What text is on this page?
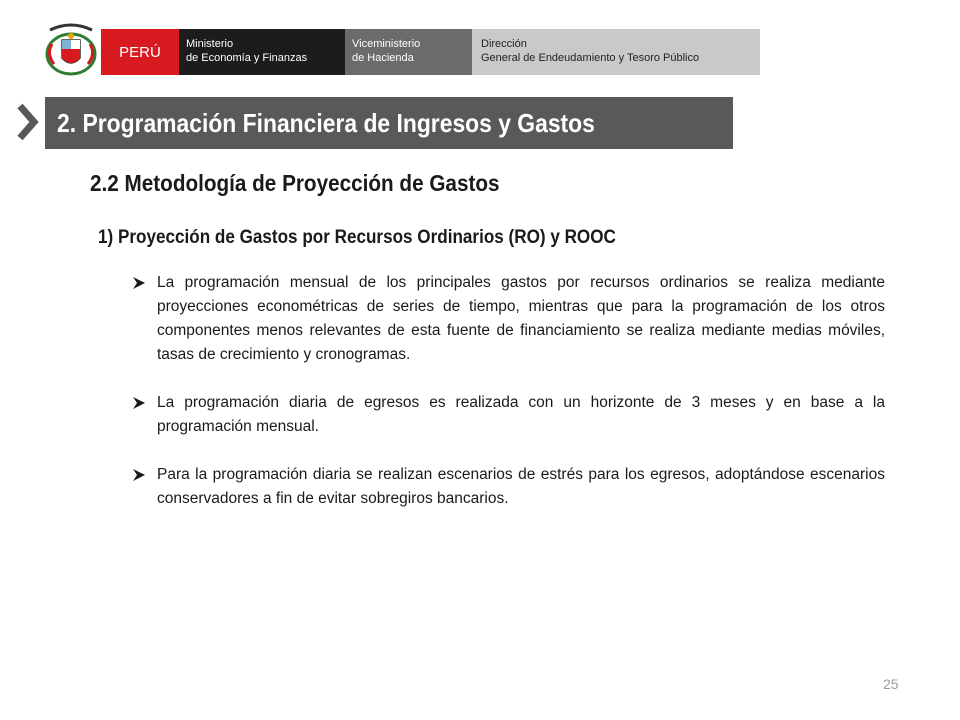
PERÚ Ministerio
de Economía y Finanzas
Viceministerio
de Hacienda
Dirección
General de Endeudamiento y Tesoro Público
2. Programación Financiera de Ingresos y Gastos
2.2 Metodología de Proyección de Gastos
1) Proyección de Gastos por Recursos Ordinarios (RO) y ROOC
La programación mensual de los principales gastos por recursos ordinarios se realiza mediante proyecciones econométricas de series de tiempo, mientras que para la programación de los otros componentes menos relevantes de esta fuente de financiamiento se realiza mediante medias móviles, tasas de crecimiento y cronogramas.
La programación diaria de egresos es realizada con un horizonte de 3 meses y en base a la programación mensual.
Para la programación diaria se realizan escenarios de estrés para los egresos, adoptándose escenarios conservadores a fin de evitar sobregiros bancarios.
25
